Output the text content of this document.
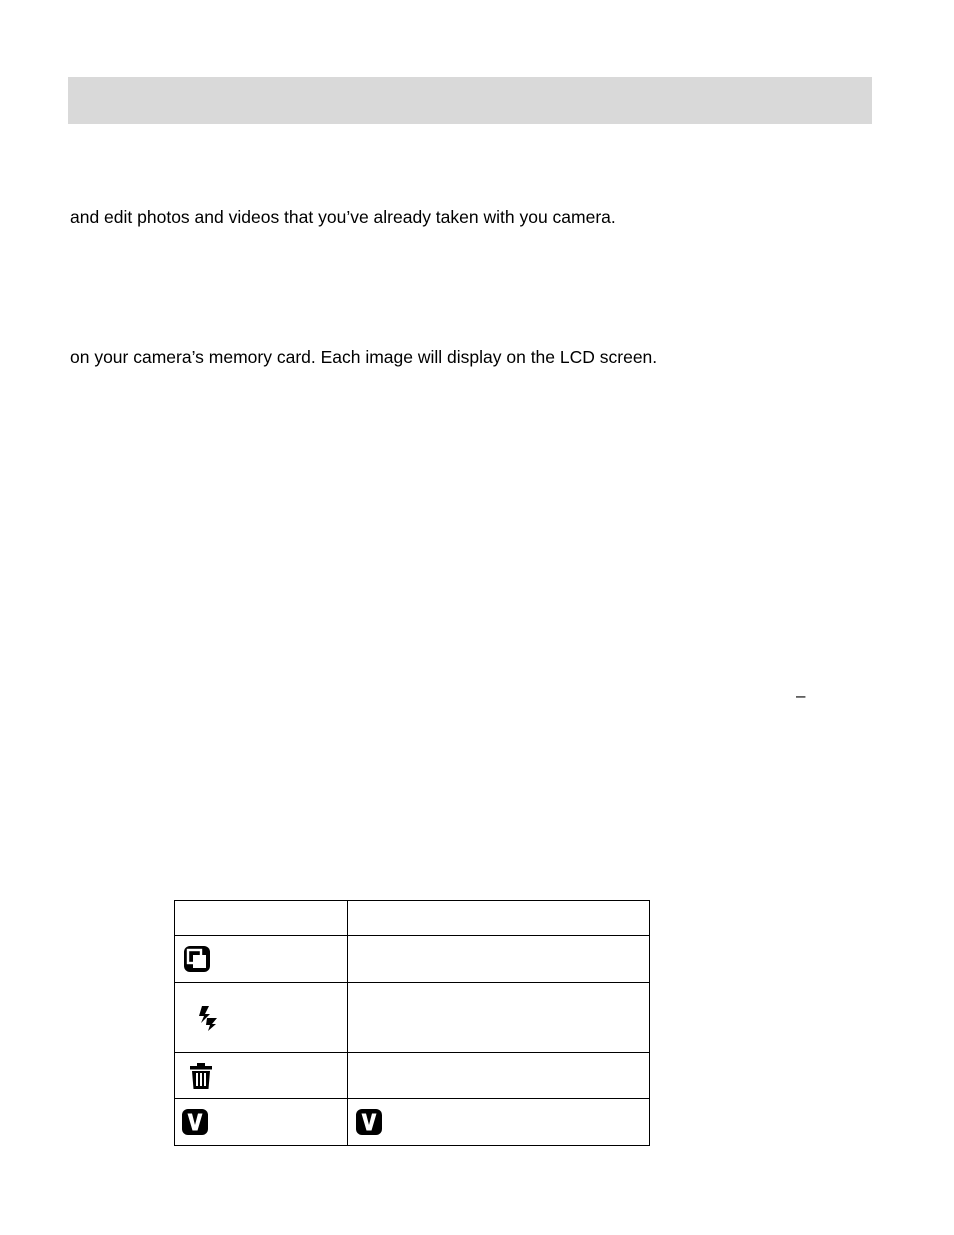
and edit photos and videos that you’ve already taken with you camera.
on your camera’s memory card. Each image will display on the LCD screen.
–
